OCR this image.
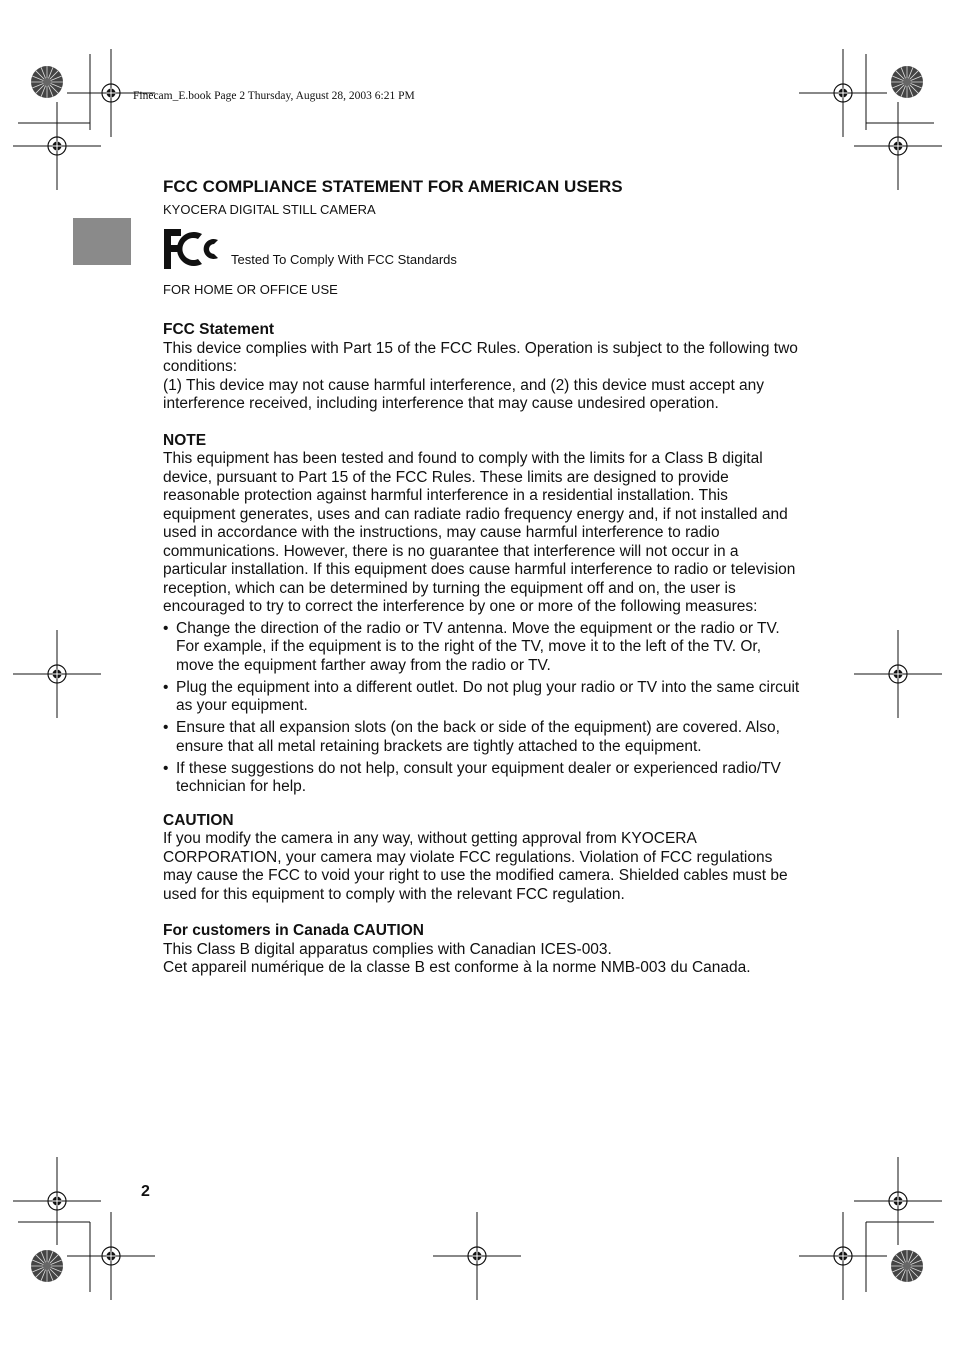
Finecam_E.book Page 2 Thursday, August 28, 2003 6:21 PM
FCC COMPLIANCE STATEMENT FOR AMERICAN USERS
KYOCERA DIGITAL STILL CAMERA
Tested To Comply With FCC Standards
FOR HOME OR OFFICE USE
FCC Statement

This device complies with Part 15 of the FCC Rules. Operation is subject to the following two conditions:

(1) This device may not cause harmful interference, and (2) this device must accept any interference received, including interference that may cause undesired operation.

NOTE

This equipment has been tested and found to comply with the limits for a Class B digital device, pursuant to Part 15 of the FCC Rules. These limits are designed to provide reasonable protection against harmful interference in a residential installation. This equipment generates, uses and can radiate radio frequency energy and, if not installed and used in accordance with the instructions, may cause harmful interference to radio communications. However, there is no guarantee that interference will not occur in a particular installation. If this equipment does cause harmful interference to radio or television reception, which can be determined by turning the equipment off and on, the user is encouraged to try to correct the interference by one or more of the following measures:

• Change the direction of the radio or TV antenna. Move the equipment or the radio or TV. For example, if the equipment is to the right of the TV, move it to the left of the TV. Or, move the equipment farther away from the radio or TV.
• Plug the equipment into a different outlet. Do not plug your radio or TV into the same circuit as your equipment.
• Ensure that all expansion slots (on the back or side of the equipment) are covered. Also, ensure that all metal retaining brackets are tightly attached to the equipment.
• If these suggestions do not help, consult your equipment dealer or experienced radio/TV technician for help.
CAUTION

If you modify the camera in any way, without getting approval from KYOCERA CORPORATION, your camera may violate FCC regulations. Violation of FCC regulations may cause the FCC to void your right to use the modified camera. Shielded cables must be used for this equipment to comply with the relevant FCC regulation.

For customers in Canada CAUTION

This Class B digital apparatus complies with Canadian ICES-003.

Cet appareil numérique de la classe B est conforme à la norme NMB-003 du Canada.

2
